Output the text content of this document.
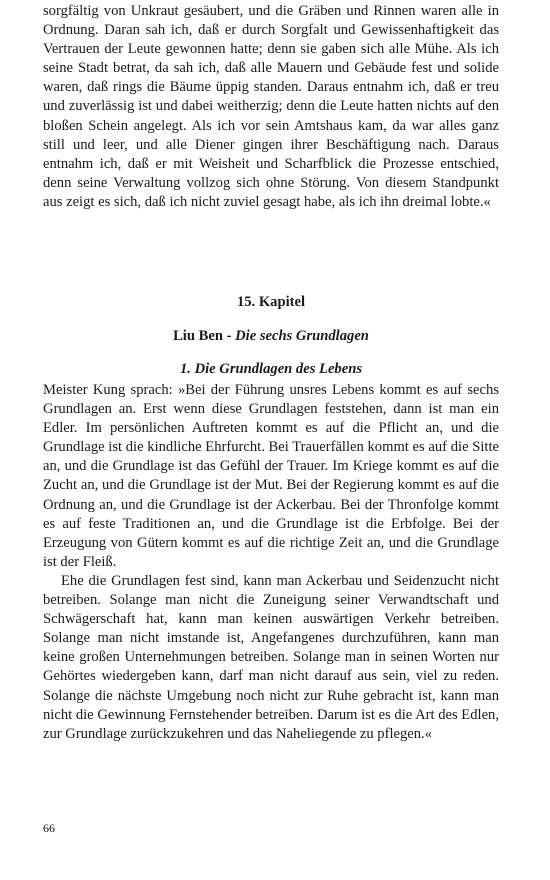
sorgfältig von Unkraut gesäubert, und die Gräben und Rinnen waren alle in Ordnung. Daran sah ich, daß er durch Sorgfalt und Gewissenhaftigkeit das Vertrauen der Leute gewonnen hatte; denn sie gaben sich alle Mühe. Als ich seine Stadt betrat, da sah ich, daß alle Mauern und Gebäude fest und solide waren, daß rings die Bäume üppig standen. Daraus entnahm ich, daß er treu und zuverlässig ist und dabei weitherzig; denn die Leute hatten nichts auf den bloßen Schein angelegt. Als ich vor sein Amtshaus kam, da war alles ganz still und leer, und alle Diener gingen ihrer Beschäftigung nach. Daraus entnahm ich, daß er mit Weisheit und Scharfblick die Prozesse entschied, denn seine Verwaltung vollzog sich ohne Störung. Von diesem Standpunkt aus zeigt es sich, daß ich nicht zuviel gesagt habe, als ich ihn dreimal lobte.«

15. Kapitel
Liu Ben - Die sechs Grundlagen
1. Die Grundlagen des Lebens

Meister Kung sprach: »Bei der Führung unsres Lebens kommt es auf sechs Grundlagen an. Erst wenn diese Grundlagen feststehen, dann ist man ein Edler. Im persönlichen Auftreten kommt es auf die Pflicht an, und die Grundlage ist die kindliche Ehrfurcht. Bei Trauerfällen kommt es auf die Sitte an, und die Grundlage ist das Gefühl der Trauer. Im Kriege kommt es auf die Zucht an, und die Grundlage ist der Mut. Bei der Regierung kommt es auf die Ordnung an, und die Grundlage ist der Ackerbau. Bei der Thronfolge kommt es auf feste Traditionen an, und die Grundlage ist die Erbfolge. Bei der Erzeugung von Gütern kommt es auf die richtige Zeit an, und die Grundlage ist der Fleiß.

Ehe die Grundlagen fest sind, kann man Ackerbau und Seidenzucht nicht betreiben. Solange man nicht die Zuneigung seiner Verwandtschaft und Schwägerschaft hat, kann man keinen auswärtigen Verkehr betreiben. Solange man nicht imstande ist, Angefangenes durchzuführen, kann man keine großen Unternehmungen betreiben. Solange man in seinen Worten nur Gehörtes wiedergeben kann, darf man nicht darauf aus sein, viel zu reden. Solange die nächste Umgebung noch nicht zur Ruhe gebracht ist, kann man nicht die Gewinnung Fernstehender betreiben. Darum ist es die Art des Edlen, zur Grundlage zurückzukehren und das Naheliegende zu pflegen.«

66
